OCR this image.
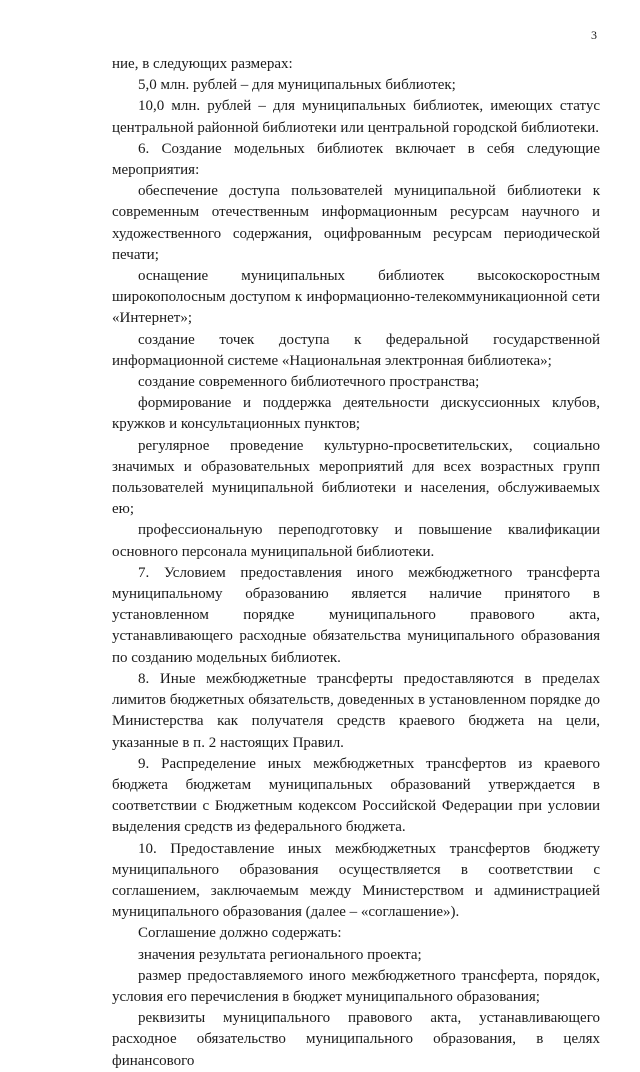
3

ние, в следующих размерах:

5,0 млн. рублей – для муниципальных библиотек;

10,0 млн. рублей – для муниципальных библиотек, имеющих статус центральной районной библиотеки или центральной городской библиотеки.

6. Создание модельных библиотек включает в себя следующие мероприятия:

обеспечение доступа пользователей муниципальной библиотеки к современным отечественным информационным ресурсам научного и художественного содержания, оцифрованным ресурсам периодической печати;

оснащение муниципальных библиотек высокоскоростным широкополосным доступом к информационно-телекоммуникационной сети «Интернет»;

создание точек доступа к федеральной государственной информационной системе «Национальная электронная библиотека»;

создание современного библиотечного пространства;

формирование и поддержка деятельности дискуссионных клубов, кружков и консультационных пунктов;

регулярное проведение культурно-просветительских, социально значимых и образовательных мероприятий для всех возрастных групп пользователей муниципальной библиотеки и населения, обслуживаемых ею;

профессиональную переподготовку и повышение квалификации основного персонала муниципальной библиотеки.

7. Условием предоставления иного межбюджетного трансферта муниципальному образованию является наличие принятого в установленном порядке муниципального правового акта, устанавливающего расходные обязательства муниципального образования по созданию модельных библиотек.

8. Иные межбюджетные трансферты предоставляются в пределах лимитов бюджетных обязательств, доведенных в установленном порядке до Министерства как получателя средств краевого бюджета на цели, указанные в п. 2 настоящих Правил.

9. Распределение иных межбюджетных трансфертов из краевого бюджета бюджетам муниципальных образований утверждается в соответствии с Бюджетным кодексом Российской Федерации при условии выделения средств из федерального бюджета.

10. Предоставление иных межбюджетных трансфертов бюджету муниципального образования осуществляется в соответствии с соглашением, заключаемым между Министерством и администрацией муниципального образования (далее – «соглашение»).

Соглашение должно содержать:

значения результата регионального проекта;

размер предоставляемого иного межбюджетного трансферта, порядок, условия его перечисления в бюджет муниципального образования;

реквизиты муниципального правового акта, устанавливающего расходное обязательство муниципального образования, в целях финансового
